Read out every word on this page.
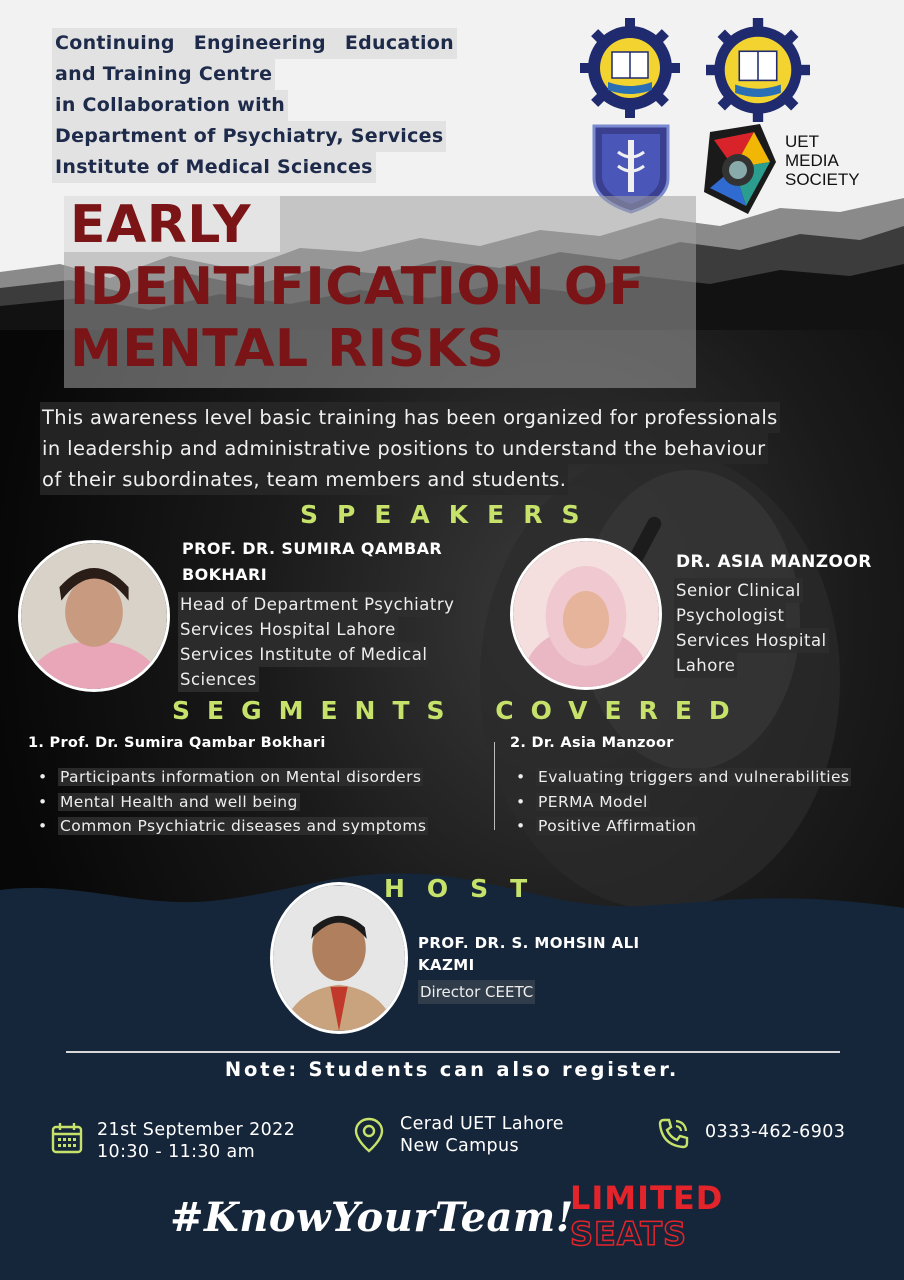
Continuing Engineering Education
and Training Centre
in Collaboration with
Department of Psychiatry, Services
Institute of Medical Sciences
UET
MEDIA
SOCIETY
EARLY
IDENTIFICATION OF
MENTAL RISKS
This awareness level basic training has been organized for professionals
in leadership and administrative positions to understand the behaviour
of their subordinates, team members and students.
SPEAKERS
PROF. DR. SUMIRA QAMBAR
BOKHARI
Head of Department Psychiatry
Services Hospital Lahore
Services Institute of Medical
Sciences
DR. ASIA MANZOOR
Senior Clinical
Psychologist
Services Hospital
Lahore
SEGMENTS COVERED
1. Prof. Dr. Sumira Qambar Bokhari
• Participants information on Mental disorders
• Mental Health and well being
• Common Psychiatric diseases and symptoms
2. Dr. Asia Manzoor
• Evaluating triggers and vulnerabilities
• PERMA Model
• Positive Affirmation
HOST
PROF. DR. S. MOHSIN ALI
KAZMI
Director CEETC
Note: Students can also register.
21st September 2022
10:30 - 11:30 am
Cerad UET Lahore
New Campus
0333-462-6903
#KnowYourTeam!
LIMITED
SEATS
